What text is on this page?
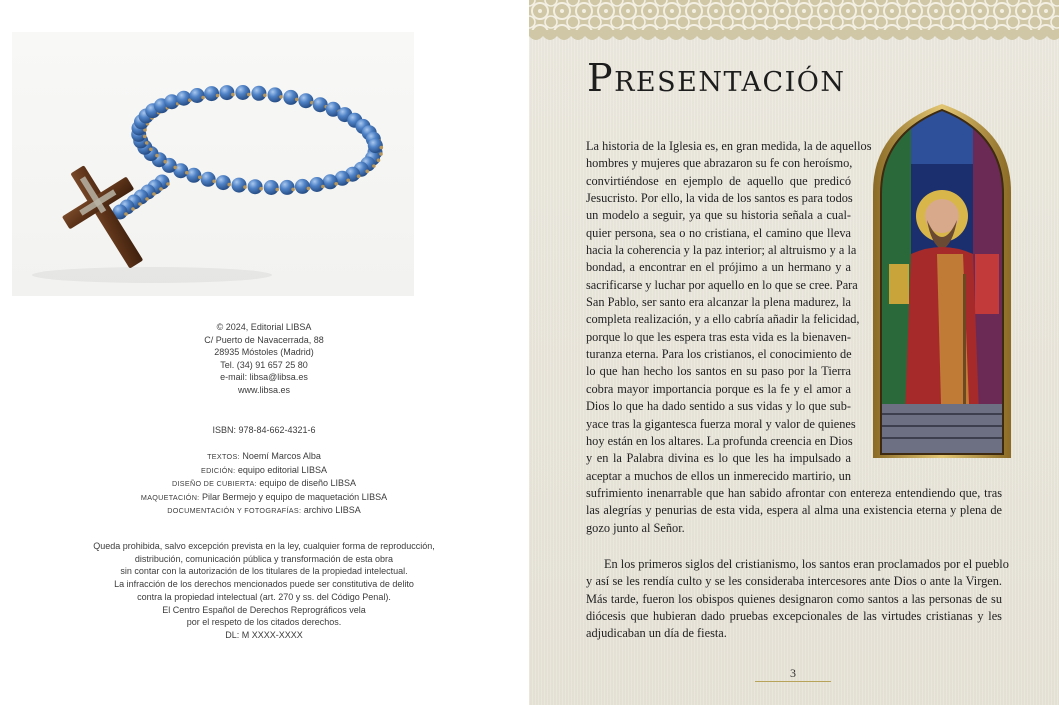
© 2024, Editorial LIBSA
C/ Puerto de Navacerrada, 88
28935 Móstoles (Madrid)
Tel. (34) 91 657 25 80
e-mail: libsa@libsa.es
www.libsa.es
ISBN: 978-84-662-4321-6
TEXTOS: Noemí Marcos Alba
EDICIÓN: equipo editorial LIBSA
DISEÑO DE CUBIERTA: equipo de diseño LIBSA
MAQUETACIÓN: Pilar Bermejo y equipo de maquetación LIBSA
DOCUMENTACIÓN Y FOTOGRAFÍAS: archivo LIBSA
Queda prohibida, salvo excepción prevista en la ley, cualquier forma de reproducción,
distribución, comunicación pública y transformación de esta obra
sin contar con la autorización de los titulares de la propiedad intelectual.
La infracción de los derechos mencionados puede ser constitutiva de delito
contra la propiedad intelectual (art. 270 y ss. del Código Penal).
El Centro Español de Derechos Reprográficos vela
por el respeto de los citados derechos.
DL: M XXXX-XXXX
Presentación
La historia de la Iglesia es, en gran medida, la de aquellos
hombres y mujeres que abrazaron su fe con heroísmo,
convirtiéndose en ejemplo de aquello que predicó
Jesucristo. Por ello, la vida de los santos es para todos
un modelo a seguir, ya que su historia señala a cual-
quier persona, sea o no cristiana, el camino que lleva
hacia la coherencia y la paz interior; al altruismo y a la
bondad, a encontrar en el prójimo a un hermano y a
sacrificarse y luchar por aquello en lo que se cree. Para
San Pablo, ser santo era alcanzar la plena madurez, la
completa realización, y a ello cabría añadir la felicidad,
porque lo que les espera tras esta vida es la bienaven-
turanza eterna. Para los cristianos, el conocimiento de
lo que han hecho los santos en su paso por la Tierra
cobra mayor importancia porque es la fe y el amor a
Dios lo que ha dado sentido a sus vidas y lo que sub-
yace tras la gigantesca fuerza moral y valor de quienes
hoy están en los altares. La profunda creencia en Dios
y en la Palabra divina es lo que les ha impulsado a
aceptar a muchos de ellos un inmerecido martirio, un
sufrimiento inenarrable que han sabido afrontar con entereza entendiendo que, tras
las alegrías y penurias de esta vida, espera al alma una existencia eterna y plena de
gozo junto al Señor.
En los primeros siglos del cristianismo, los santos eran proclamados por el pueblo
y así se les rendía culto y se les consideraba intercesores ante Dios o ante la Virgen.
Más tarde, fueron los obispos quienes designaron como santos a las personas de su
diócesis que hubieran dado pruebas excepcionales de las virtudes cristianas y les
adjudicaban un día de fiesta.
3
